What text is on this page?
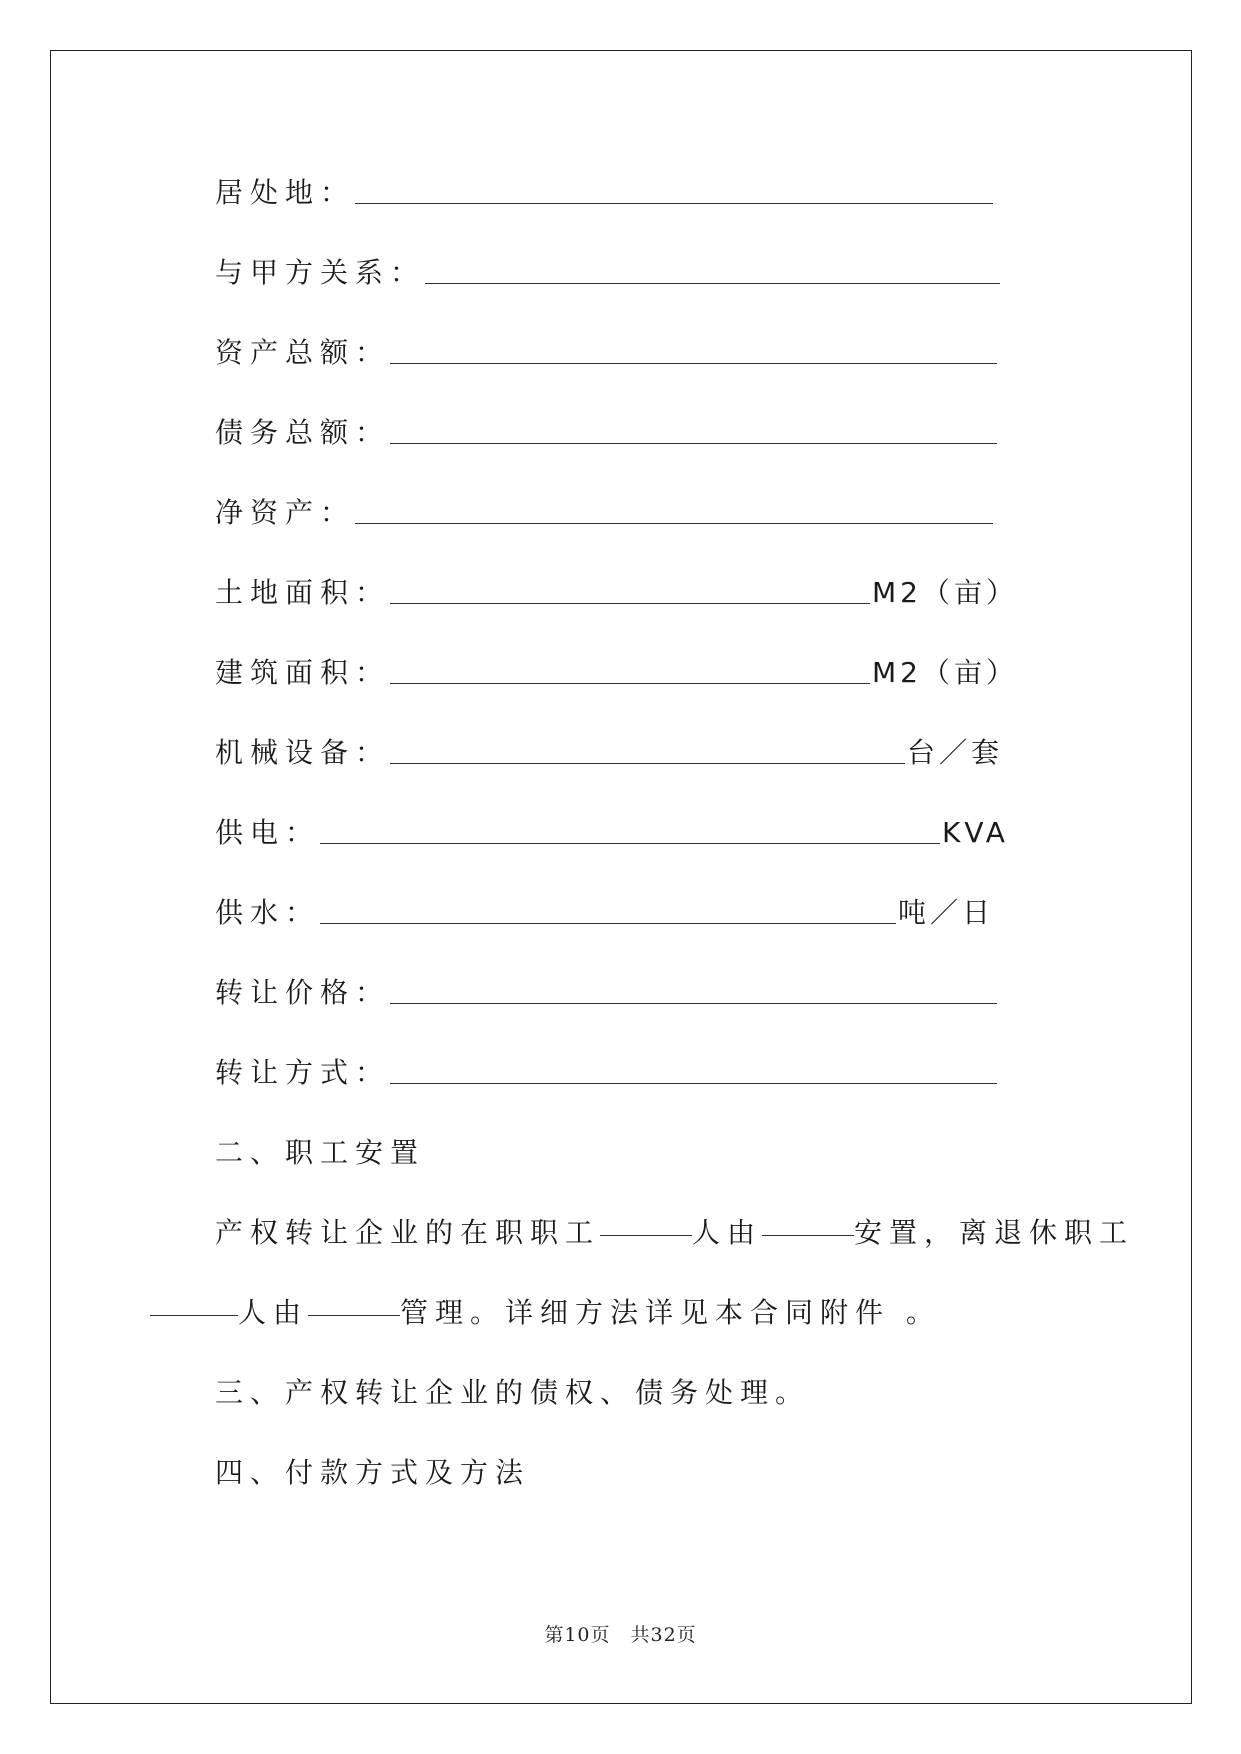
居处地：
与甲方关系：
资产总额：
债务总额：
净资产：
土地面积：	M2（亩）
建筑面积：	M2（亩）
机械设备：	台／套
供电：	KVA
供水：	吨／日
转让价格：
转让方式：
二、职工安置
产权转让企业的在职职工	人由	安置，离退休职工
人由	管理。详细方法详见本合同附件 。
三、产权转让企业的债权、债务处理。
四、付款方式及方法
第10页　共32页
